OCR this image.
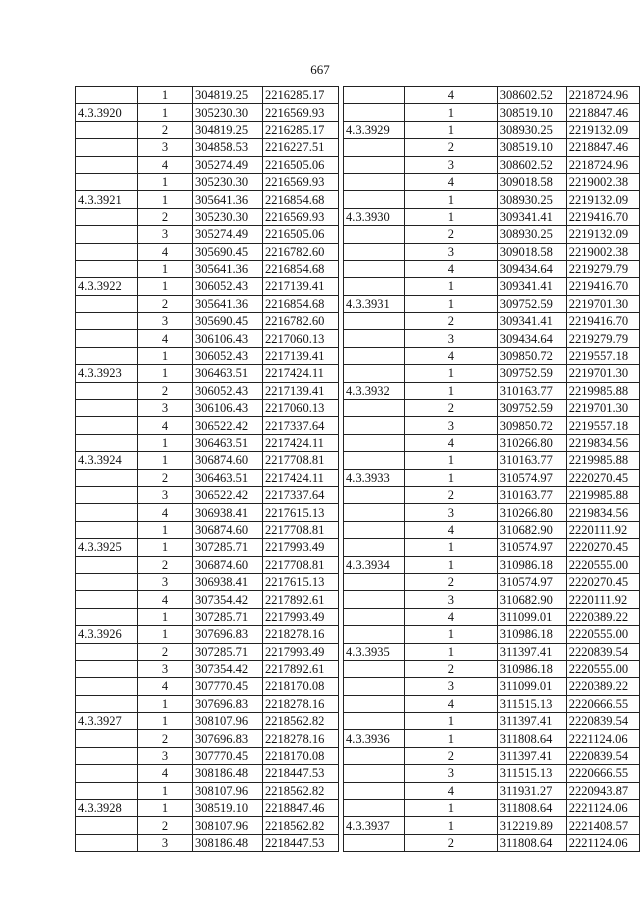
667
	1	304819.25	2216285.17
4.3.3920	1	305230.30	2216569.93
	2	304819.25	2216285.17
	3	304858.53	2216227.51
	4	305274.49	2216505.06
	1	305230.30	2216569.93
4.3.3921	1	305641.36	2216854.68
	2	305230.30	2216569.93
	3	305274.49	2216505.06
	4	305690.45	2216782.60
	1	305641.36	2216854.68
4.3.3922	1	306052.43	2217139.41
	2	305641.36	2216854.68
	3	305690.45	2216782.60
	4	306106.43	2217060.13
	1	306052.43	2217139.41
4.3.3923	1	306463.51	2217424.11
	2	306052.43	2217139.41
	3	306106.43	2217060.13
	4	306522.42	2217337.64
	1	306463.51	2217424.11
4.3.3924	1	306874.60	2217708.81
	2	306463.51	2217424.11
	3	306522.42	2217337.64
	4	306938.41	2217615.13
	1	306874.60	2217708.81
4.3.3925	1	307285.71	2217993.49
	2	306874.60	2217708.81
	3	306938.41	2217615.13
	4	307354.42	2217892.61
	1	307285.71	2217993.49
4.3.3926	1	307696.83	2218278.16
	2	307285.71	2217993.49
	3	307354.42	2217892.61
	4	307770.45	2218170.08
	1	307696.83	2218278.16
4.3.3927	1	308107.96	2218562.82
	2	307696.83	2218278.16
	3	307770.45	2218170.08
	4	308186.48	2218447.53
	1	308107.96	2218562.82
4.3.3928	1	308519.10	2218847.46
	2	308107.96	2218562.82
	3	308186.48	2218447.53
	4	308602.52	2218724.96
	1	308519.10	2218847.46
4.3.3929	1	308930.25	2219132.09
	2	308519.10	2218847.46
	3	308602.52	2218724.96
	4	309018.58	2219002.38
	1	308930.25	2219132.09
4.3.3930	1	309341.41	2219416.70
	2	308930.25	2219132.09
	3	309018.58	2219002.38
	4	309434.64	2219279.79
	1	309341.41	2219416.70
4.3.3931	1	309752.59	2219701.30
	2	309341.41	2219416.70
	3	309434.64	2219279.79
	4	309850.72	2219557.18
	1	309752.59	2219701.30
4.3.3932	1	310163.77	2219985.88
	2	309752.59	2219701.30
	3	309850.72	2219557.18
	4	310266.80	2219834.56
	1	310163.77	2219985.88
4.3.3933	1	310574.97	2220270.45
	2	310163.77	2219985.88
	3	310266.80	2219834.56
	4	310682.90	2220111.92
	1	310574.97	2220270.45
4.3.3934	1	310986.18	2220555.00
	2	310574.97	2220270.45
	3	310682.90	2220111.92
	4	311099.01	2220389.22
	1	310986.18	2220555.00
4.3.3935	1	311397.41	2220839.54
	2	310986.18	2220555.00
	3	311099.01	2220389.22
	4	311515.13	2220666.55
	1	311397.41	2220839.54
4.3.3936	1	311808.64	2221124.06
	2	311397.41	2220839.54
	3	311515.13	2220666.55
	4	311931.27	2220943.87
	1	311808.64	2221124.06
4.3.3937	1	312219.89	2221408.57
	2	311808.64	2221124.06
